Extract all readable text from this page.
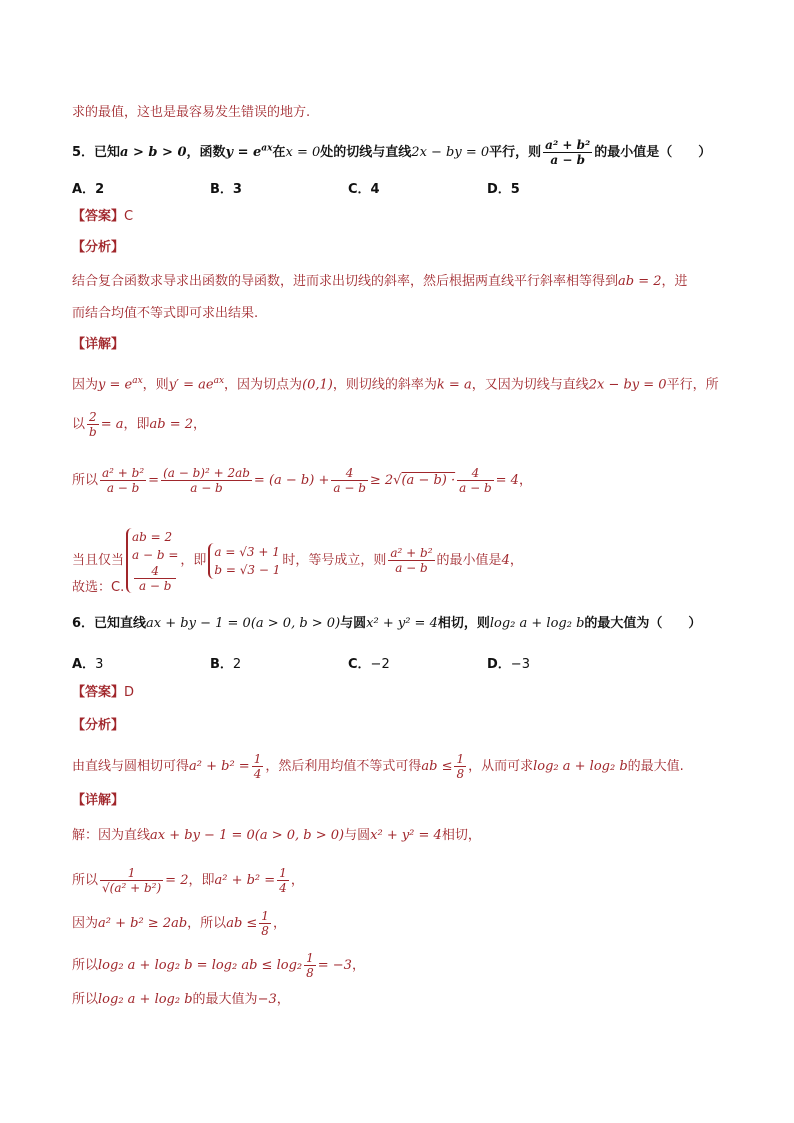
求的最值，这也是最容易发生错误的地方.
5．已知a > b > 0，函数$y = e^{ax}$在x = 0处的切线与直线2x − by = 0平行，则 $\frac{\text{a² + b²}}{a - b}$ 的最小值是（　　）
A．2	B．3	C．4	D．5
【答案】C
【分析】
结合复合函数求导求出函数的导函数，进而求出切线的斜率，然后根据两直线平行斜率相等得到ab = 2，进
而结合均值不等式即可求出结果.
【详解】
因为$y = e^{ax}$，则$y' = ae^{ax}$，因为切点为(0,1)，则切线的斜率为k = a，又因为切线与直线2x − by = 0平行，所
以 $\frac{2}{b} = a$，即ab = 2，
所以 $\frac{\text{a² + b²}}{a - b} = \frac{\text{(a − b)² + 2ab}}{a - b} = (a - b) + \frac{4}{a - b} \ge 2√(a - b) \cdot \frac{4}{a - b} = 4$，
当且仅当
ab = 2
a − b =
4
a − b
，即
a = √3 + 1
b = √3 − 1
时，等号成立，则 $\frac{\text{a² + b²}}{a - b}$ 的最小值是4，
故选：C.
6．已知直线ax + by − 1 = 0(a > 0, b > 0)与圆x² + y² = 4相切，则log₂ a + log₂ b的最大值为（　　）
A．3	B．2	C．−2	D．−3
【答案】D
【分析】
由直线与圆相切可得$a^2 + b^2 = \frac{1}{4}$ ，然后利用均值不等式可得ab ≤ $\frac{1}{8}$ ，从而可求log₂ a + log₂ b的最大值.
【详解】
解：因为直线ax + by − 1 = 0(a > 0, b > 0)与圆x² + y² = 4相切，
所以 $\frac{1}{\text{√(a² + b²)}} = 2$，即$a^2 + b^2 = \frac{1}{4}$ ，
因为a² + b² ≥ 2ab，所以ab ≤ $\frac{1}{8}$ ，
所以log₂ a + log₂ b = log₂ ab ≤ $\log_2 \frac{1}{8} = -3$，
所以log₂ a + log₂ b的最大值为−3，
